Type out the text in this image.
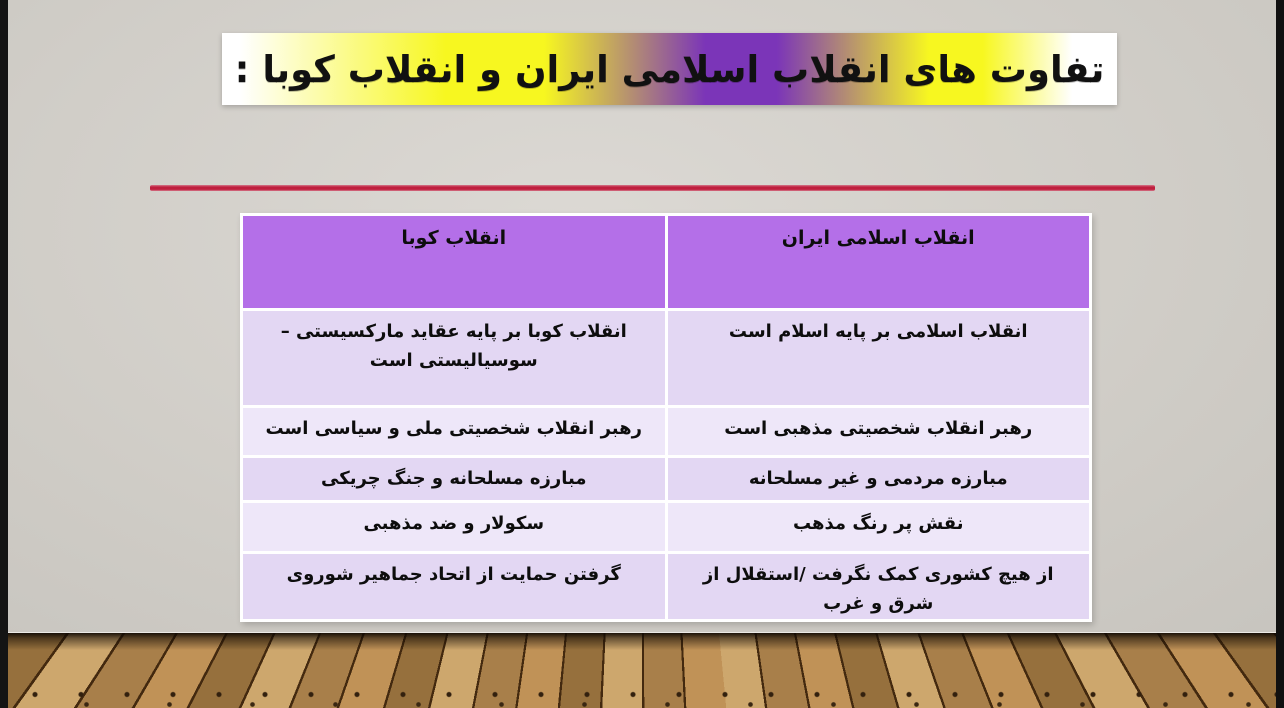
تفاوت های انقلاب اسلامی ایران و انقلاب کوبا :
انقلاب اسلامی ایران	انقلاب کوبا
انقلاب اسلامی بر پایه اسلام است	انقلاب کوبا بر پایه عقاید مارکسیستی – سوسیالیستی است
رهبر انقلاب شخصیتی مذهبی است	رهبر انقلاب شخصیتی ملی و سیاسی است
مبارزه مردمی و غیر مسلحانه	مبارزه مسلحانه و جنگ چریکی
نقش پر رنگ مذهب	سکولار و ضد مذهبی
از هیچ کشوری کمک نگرفت /استقلال از شرق و غرب	گرفتن حمایت از اتحاد جماهیر شوروی
